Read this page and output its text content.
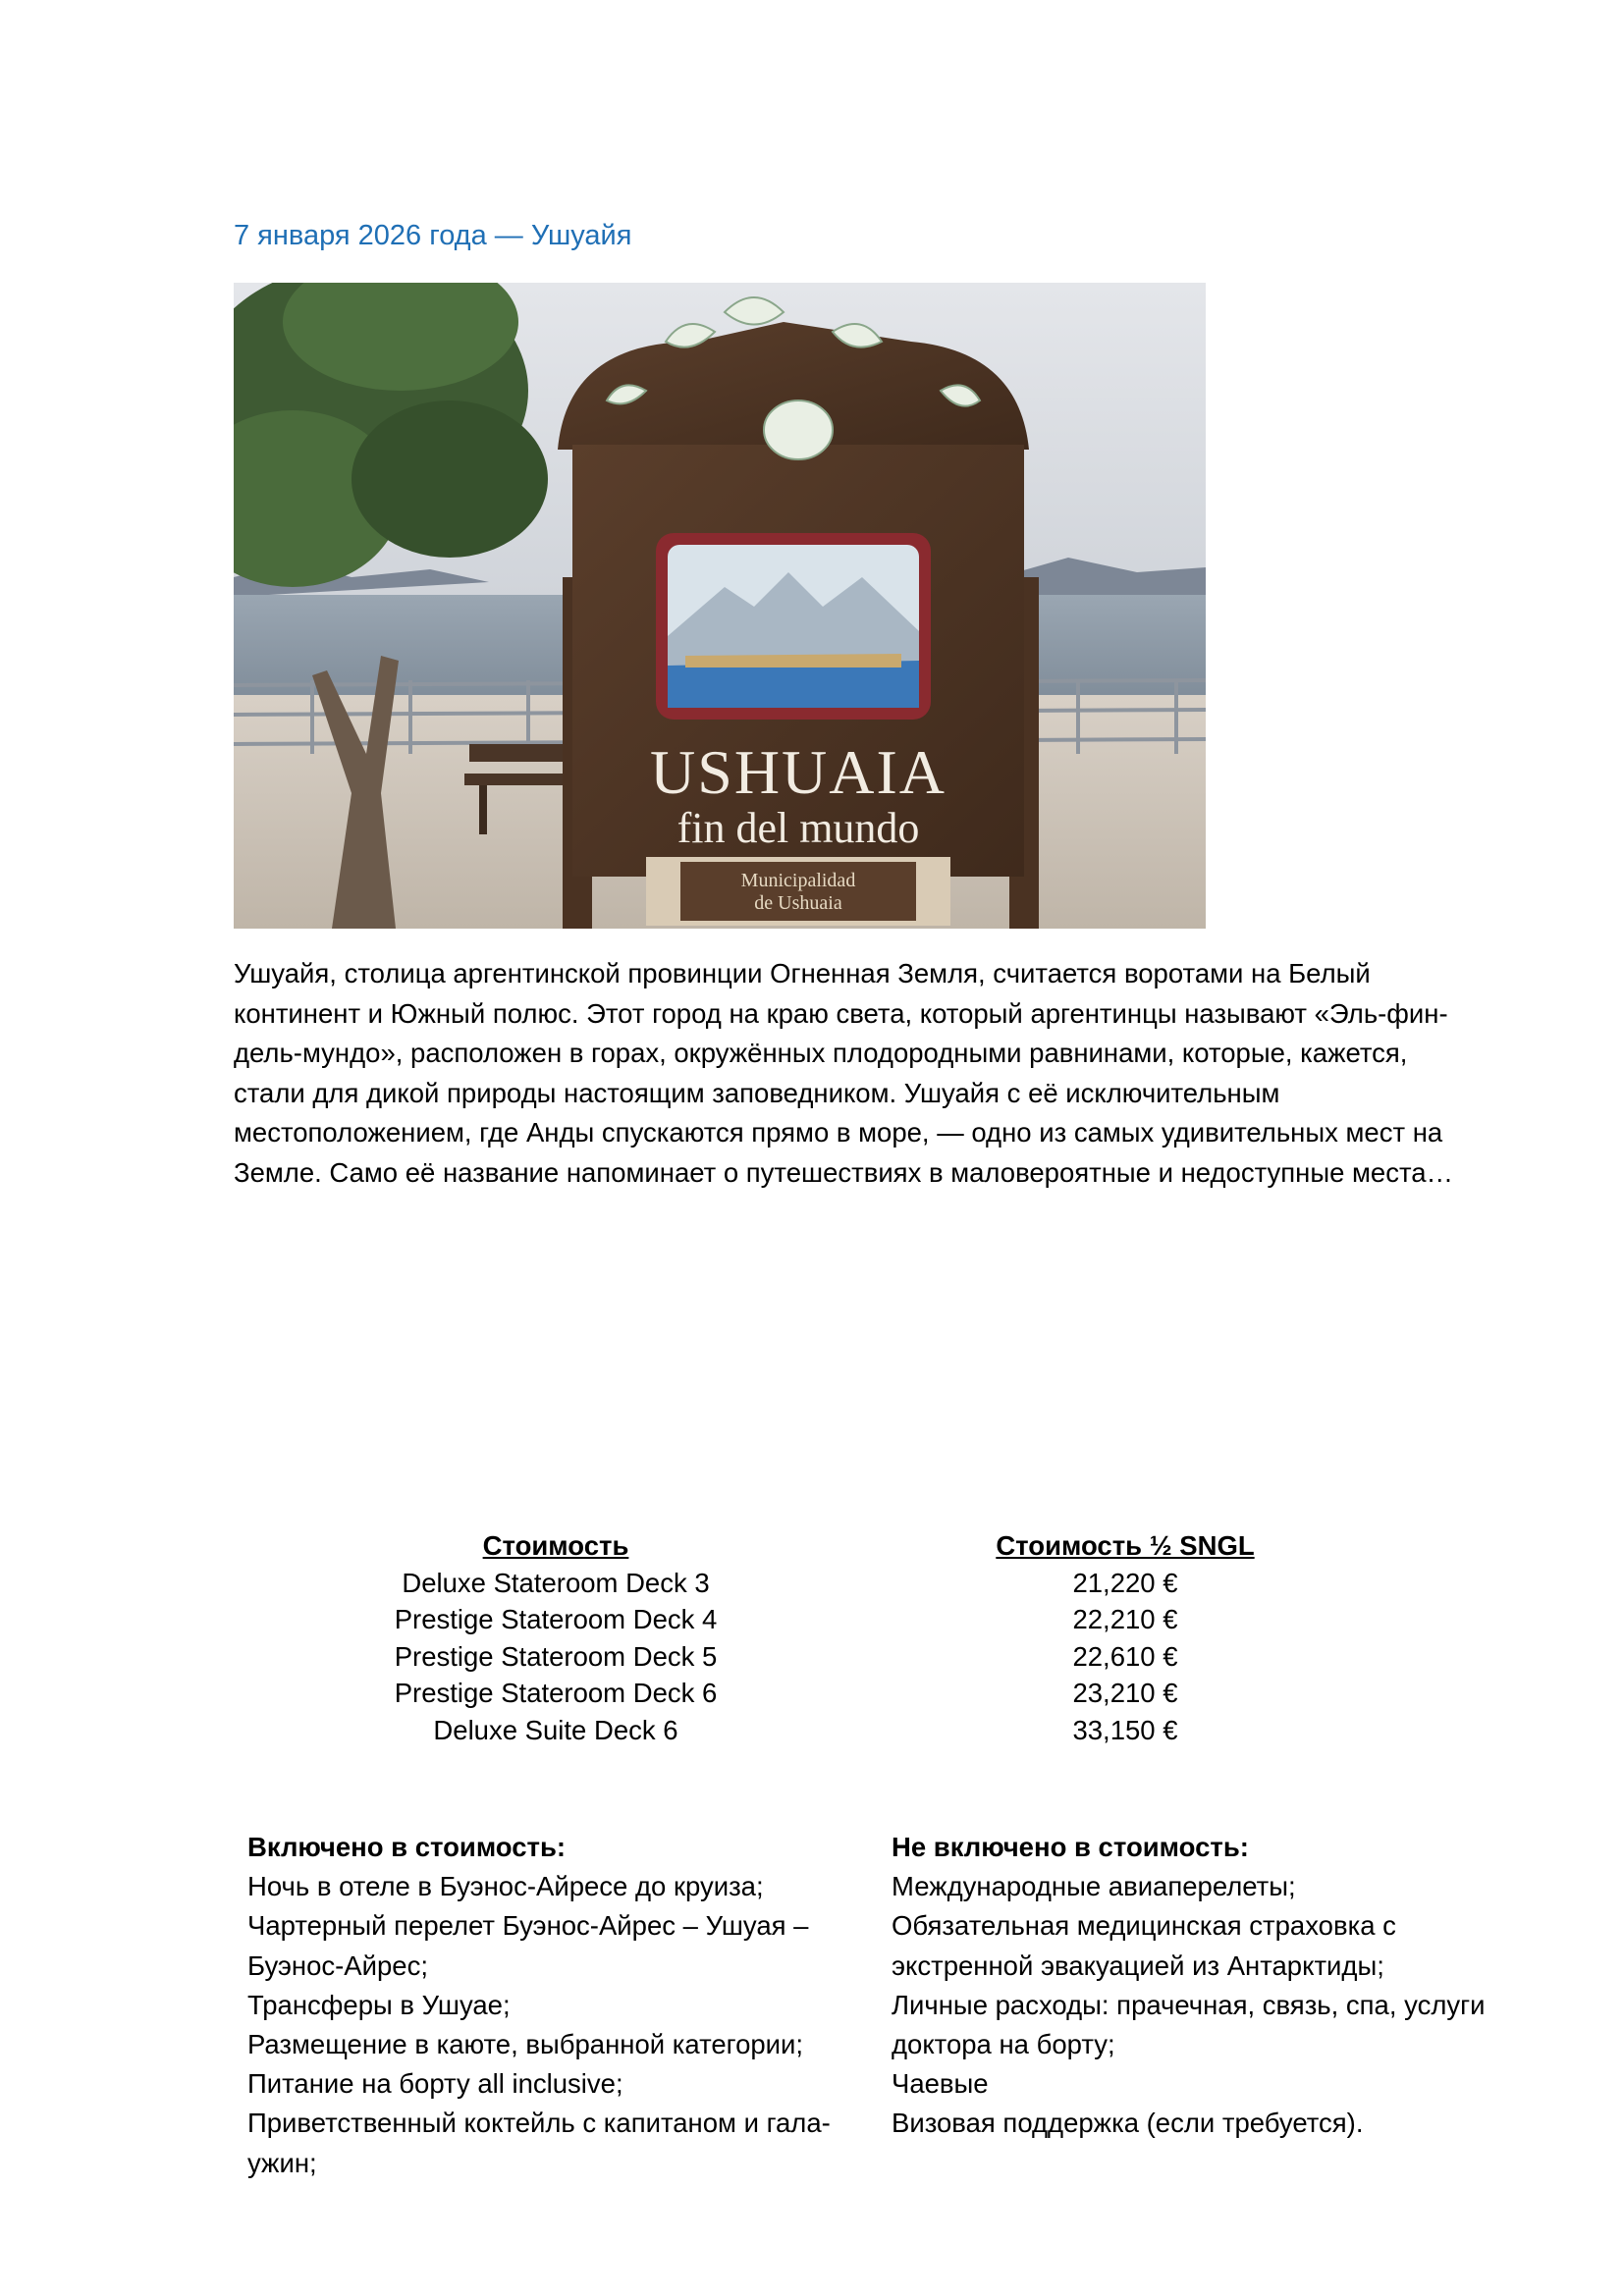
7 января 2026 года — Ушуайя
USHUAIA
fin del mundo
Municipalidad
de Ushuaia
Ушуайя, столица аргентинской провинции Огненная Земля, считается воротами на Белый
континент и Южный полюс. Этот город на краю света, который аргентинцы называют «Эль-фин-
дель-мундо», расположен в горах, окружённых плодородными равнинами, которые, кажется,
стали для дикой природы настоящим заповедником. Ушуайя с её исключительным
местоположением, где Анды спускаются прямо в море, — одно из самых удивительных мест на
Земле. Само её название напоминает о путешествиях в маловероятные и недоступные места…
Стоимость	Стоимость ½ SNGL
Deluxe Stateroom Deck 3	21,220 €
Prestige Stateroom Deck 4	22,210 €
Prestige Stateroom Deck 5	22,610 €
Prestige Stateroom Deck 6	23,210 €
Deluxe Suite Deck 6	33,150 €
Включено в стоимость:
Ночь в отеле в Буэнос-Айресе до круиза;
Чартерный перелет Буэнос-Айрес – Ушуая –
Буэнос-Айрес;
Трансферы в Ушуае;
Размещение в каюте, выбранной категории;
Питание на борту all inclusive;
Приветственный коктейль с капитаном и гала-
ужин;
Не включено в стоимость:
Международные авиаперелеты;
Обязательная медицинская страховка с
экстренной эвакуацией из Антарктиды;
Личные расходы: прачечная, связь, спа, услуги
доктора на борту;
Чаевые
Визовая поддержка (если требуется).
